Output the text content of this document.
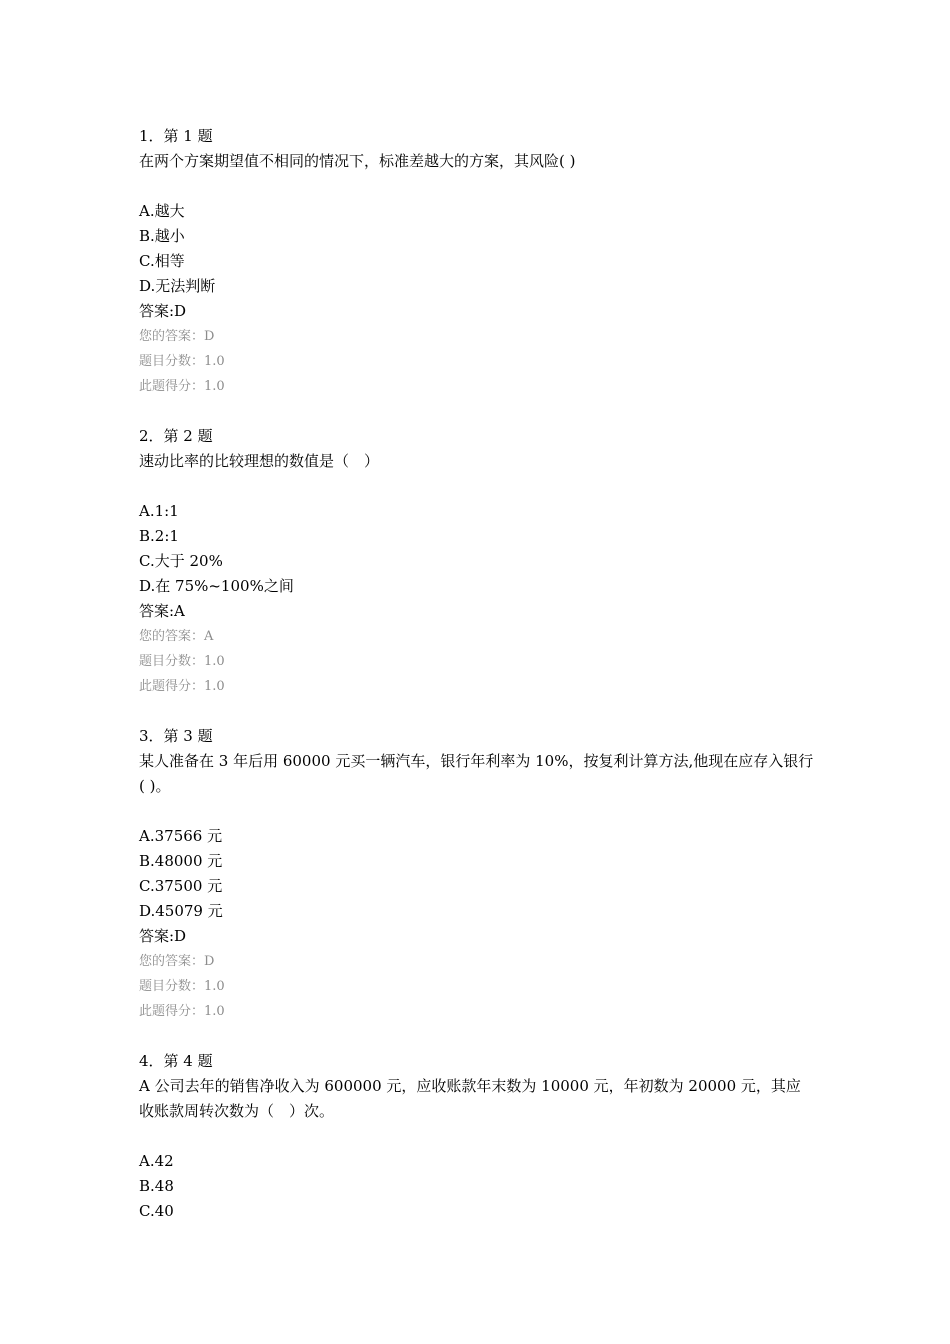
1．第 1 题
在两个方案期望值不相同的情况下，标准差越大的方案，其风险( )
A.越大
B.越小
C.相等
D.无法判断
答案:D
您的答案：D
题目分数：1.0
此题得分：1.0
2．第 2 题
速动比率的比较理想的数值是（　）
A.1:1
B.2:1
C.大于 20%
D.在 75%~100%之间
答案:A
您的答案：A
题目分数：1.0
此题得分：1.0
3．第 3 题
某人准备在 3 年后用 60000 元买一辆汽车，银行年利率为 10%，按复利计算方法,他现在应存入银行( )。
A.37566 元
B.48000 元
C.37500 元
D.45079 元
答案:D
您的答案：D
题目分数：1.0
此题得分：1.0
4．第 4 题
A 公司去年的销售净收入为 600000 元，应收账款年末数为 10000 元，年初数为 20000 元，其应收账款周转次数为（　）次。
A.42
B.48
C.40
